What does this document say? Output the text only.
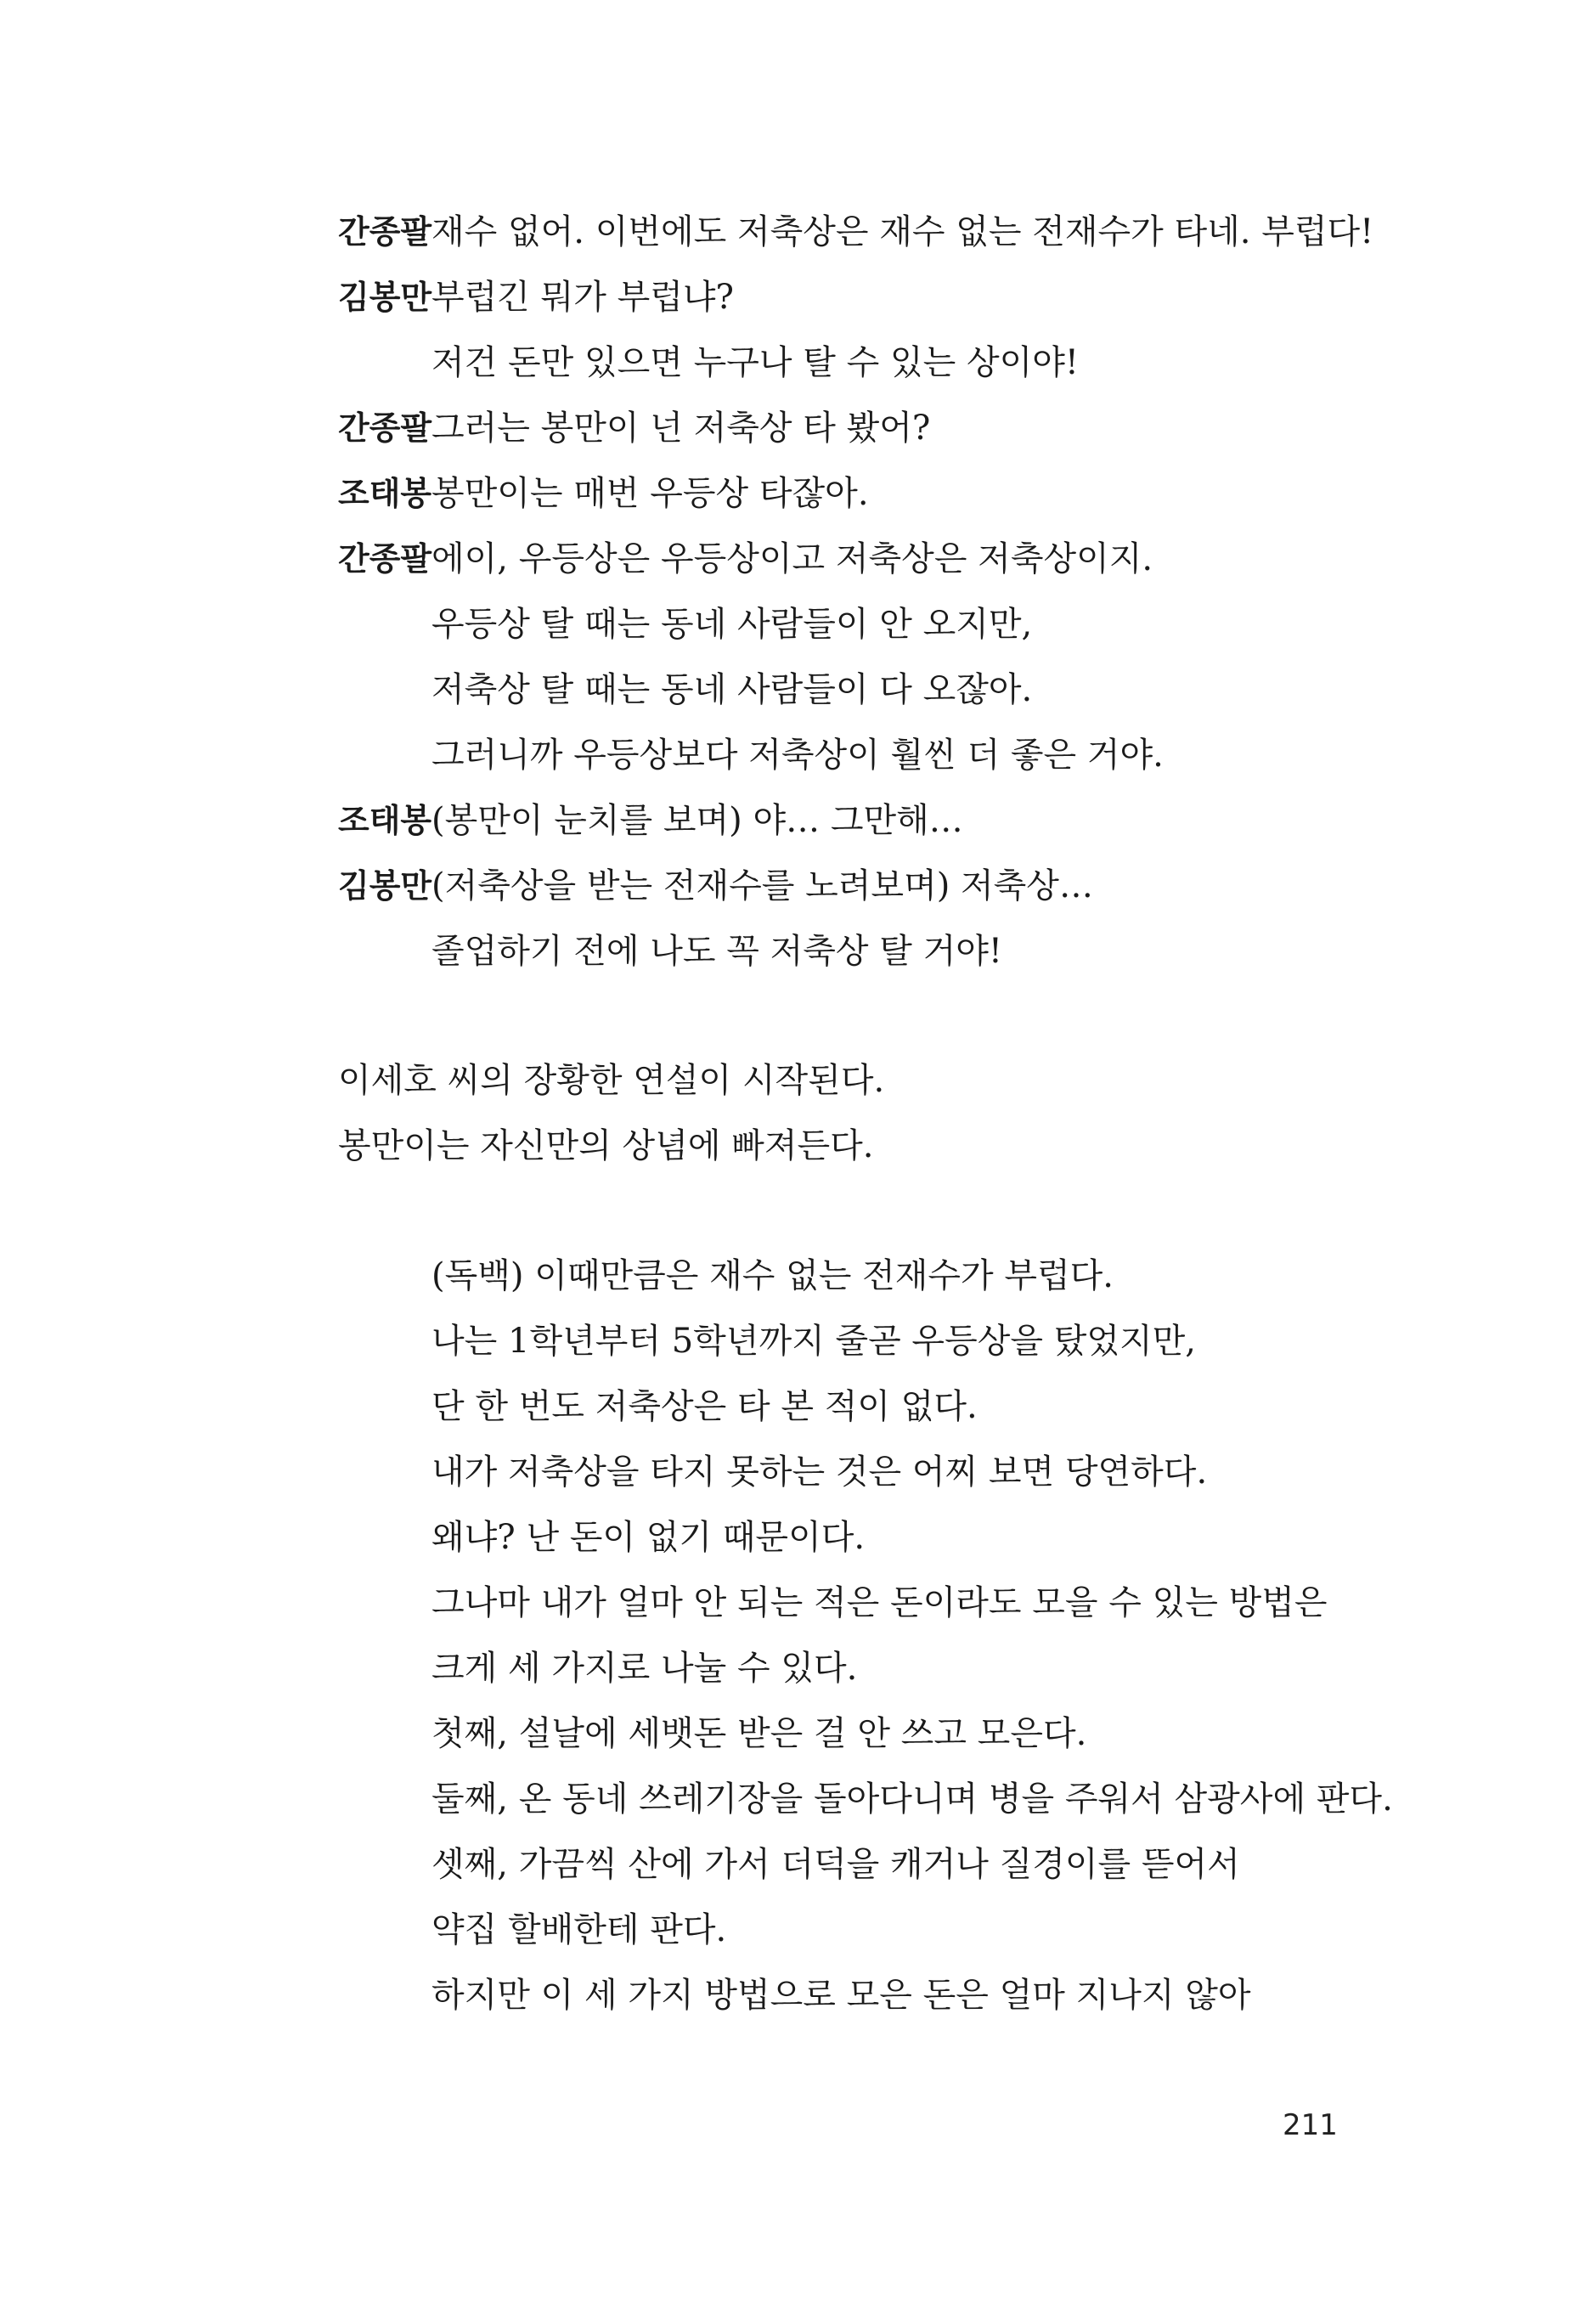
간종팔재수 없어. 이번에도 저축상은 재수 없는 전재수가 타네. 부럽다!
김봉만부럽긴 뭐가 부럽냐?
저건 돈만 있으면 누구나 탈 수 있는 상이야!
간종팔그러는 봉만이 넌 저축상 타 봤어?
조태봉봉만이는 매번 우등상 타잖아.
간종팔에이, 우등상은 우등상이고 저축상은 저축상이지.
우등상 탈 때는 동네 사람들이 안 오지만,
저축상 탈 때는 동네 사람들이 다 오잖아.
그러니까 우등상보다 저축상이 훨씬 더 좋은 거야.
조태봉(봉만이 눈치를 보며) 야… 그만해…
김봉만(저축상을 받는 전재수를 노려보며) 저축상…
졸업하기 전에 나도 꼭 저축상 탈 거야!
이세호 씨의 장황한 연설이 시작된다.
봉만이는 자신만의 상념에 빠져든다.
(독백) 이때만큼은 재수 없는 전재수가 부럽다.
나는 1학년부터 5학년까지 줄곧 우등상을 탔었지만,
단 한 번도 저축상은 타 본 적이 없다.
내가 저축상을 타지 못하는 것은 어찌 보면 당연하다.
왜냐? 난 돈이 없기 때문이다.
그나마 내가 얼마 안 되는 적은 돈이라도 모을 수 있는 방법은
크게 세 가지로 나눌 수 있다.
첫째, 설날에 세뱃돈 받은 걸 안 쓰고 모은다.
둘째, 온 동네 쓰레기장을 돌아다니며 병을 주워서 삼광사에 판다.
셋째, 가끔씩 산에 가서 더덕을 캐거나 질경이를 뜯어서
약집 할배한테 판다.
하지만 이 세 가지 방법으로 모은 돈은 얼마 지나지 않아
211
